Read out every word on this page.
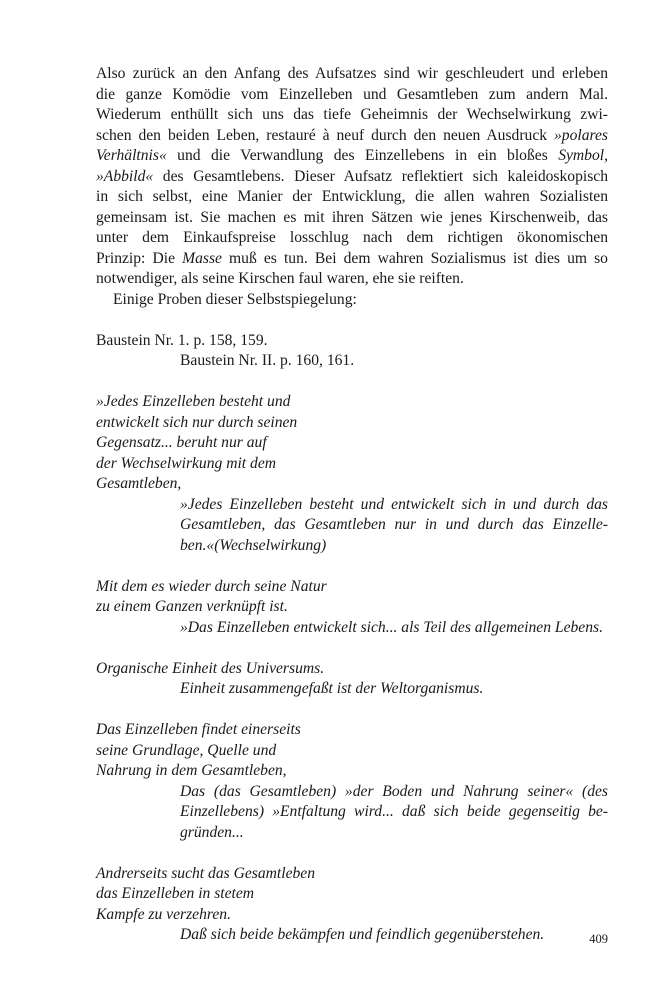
Also zurück an den Anfang des Aufsatzes sind wir geschleudert und erleben
die ganze Komödie vom Einzelleben und Gesamtleben zum andern Mal.
Wiederum enthüllt sich uns das tiefe Geheimnis der Wechselwirkung zwi-
schen den beiden Leben, restauré à neuf durch den neuen Ausdruck »polares
Verhältnis« und die Verwandlung des Einzellebens in ein bloßes Symbol,
»Abbild« des Gesamtlebens. Dieser Aufsatz reflektiert sich kaleidoskopisch
in sich selbst, eine Manier der Entwicklung, die allen wahren Sozialisten
gemeinsam ist. Sie machen es mit ihren Sätzen wie jenes Kirschenweib, das
unter dem Einkaufspreise losschlug nach dem richtigen ökonomischen
Prinzip: Die Masse muß es tun. Bei dem wahren Sozialismus ist dies um so
notwendiger, als seine Kirschen faul waren, ehe sie reiften.
Einige Proben dieser Selbstspiegelung:
Baustein Nr. 1. p. 158, 159.
Baustein Nr. II. p. 160, 161.
»Jedes Einzelleben besteht und
entwickelt sich nur durch seinen
Gegensatz... beruht nur auf
der Wechselwirkung mit dem
Gesamtleben,
»Jedes Einzelleben besteht und entwickelt sich in und durch das
Gesamtleben, das Gesamtleben nur in und durch das Einzelle-
ben.«(Wechselwirkung)
Mit dem es wieder durch seine Natur
zu einem Ganzen verknüpft ist.
»Das Einzelleben entwickelt sich... als Teil des allgemeinen Lebens.
Organische Einheit des Universums.
Einheit zusammengefaßt ist der Weltorganismus.
Das Einzelleben findet einerseits
seine Grundlage, Quelle und
Nahrung in dem Gesamtleben,
Das (das Gesamtleben) »der Boden und Nahrung seiner« (des
Einzellebens) »Entfaltung wird... daß sich beide gegenseitig be-
gründen...
Andrerseits sucht das Gesamtleben
das Einzelleben in stetem
Kampfe zu verzehren.
Daß sich beide bekämpfen und feindlich gegenüberstehen.	409
